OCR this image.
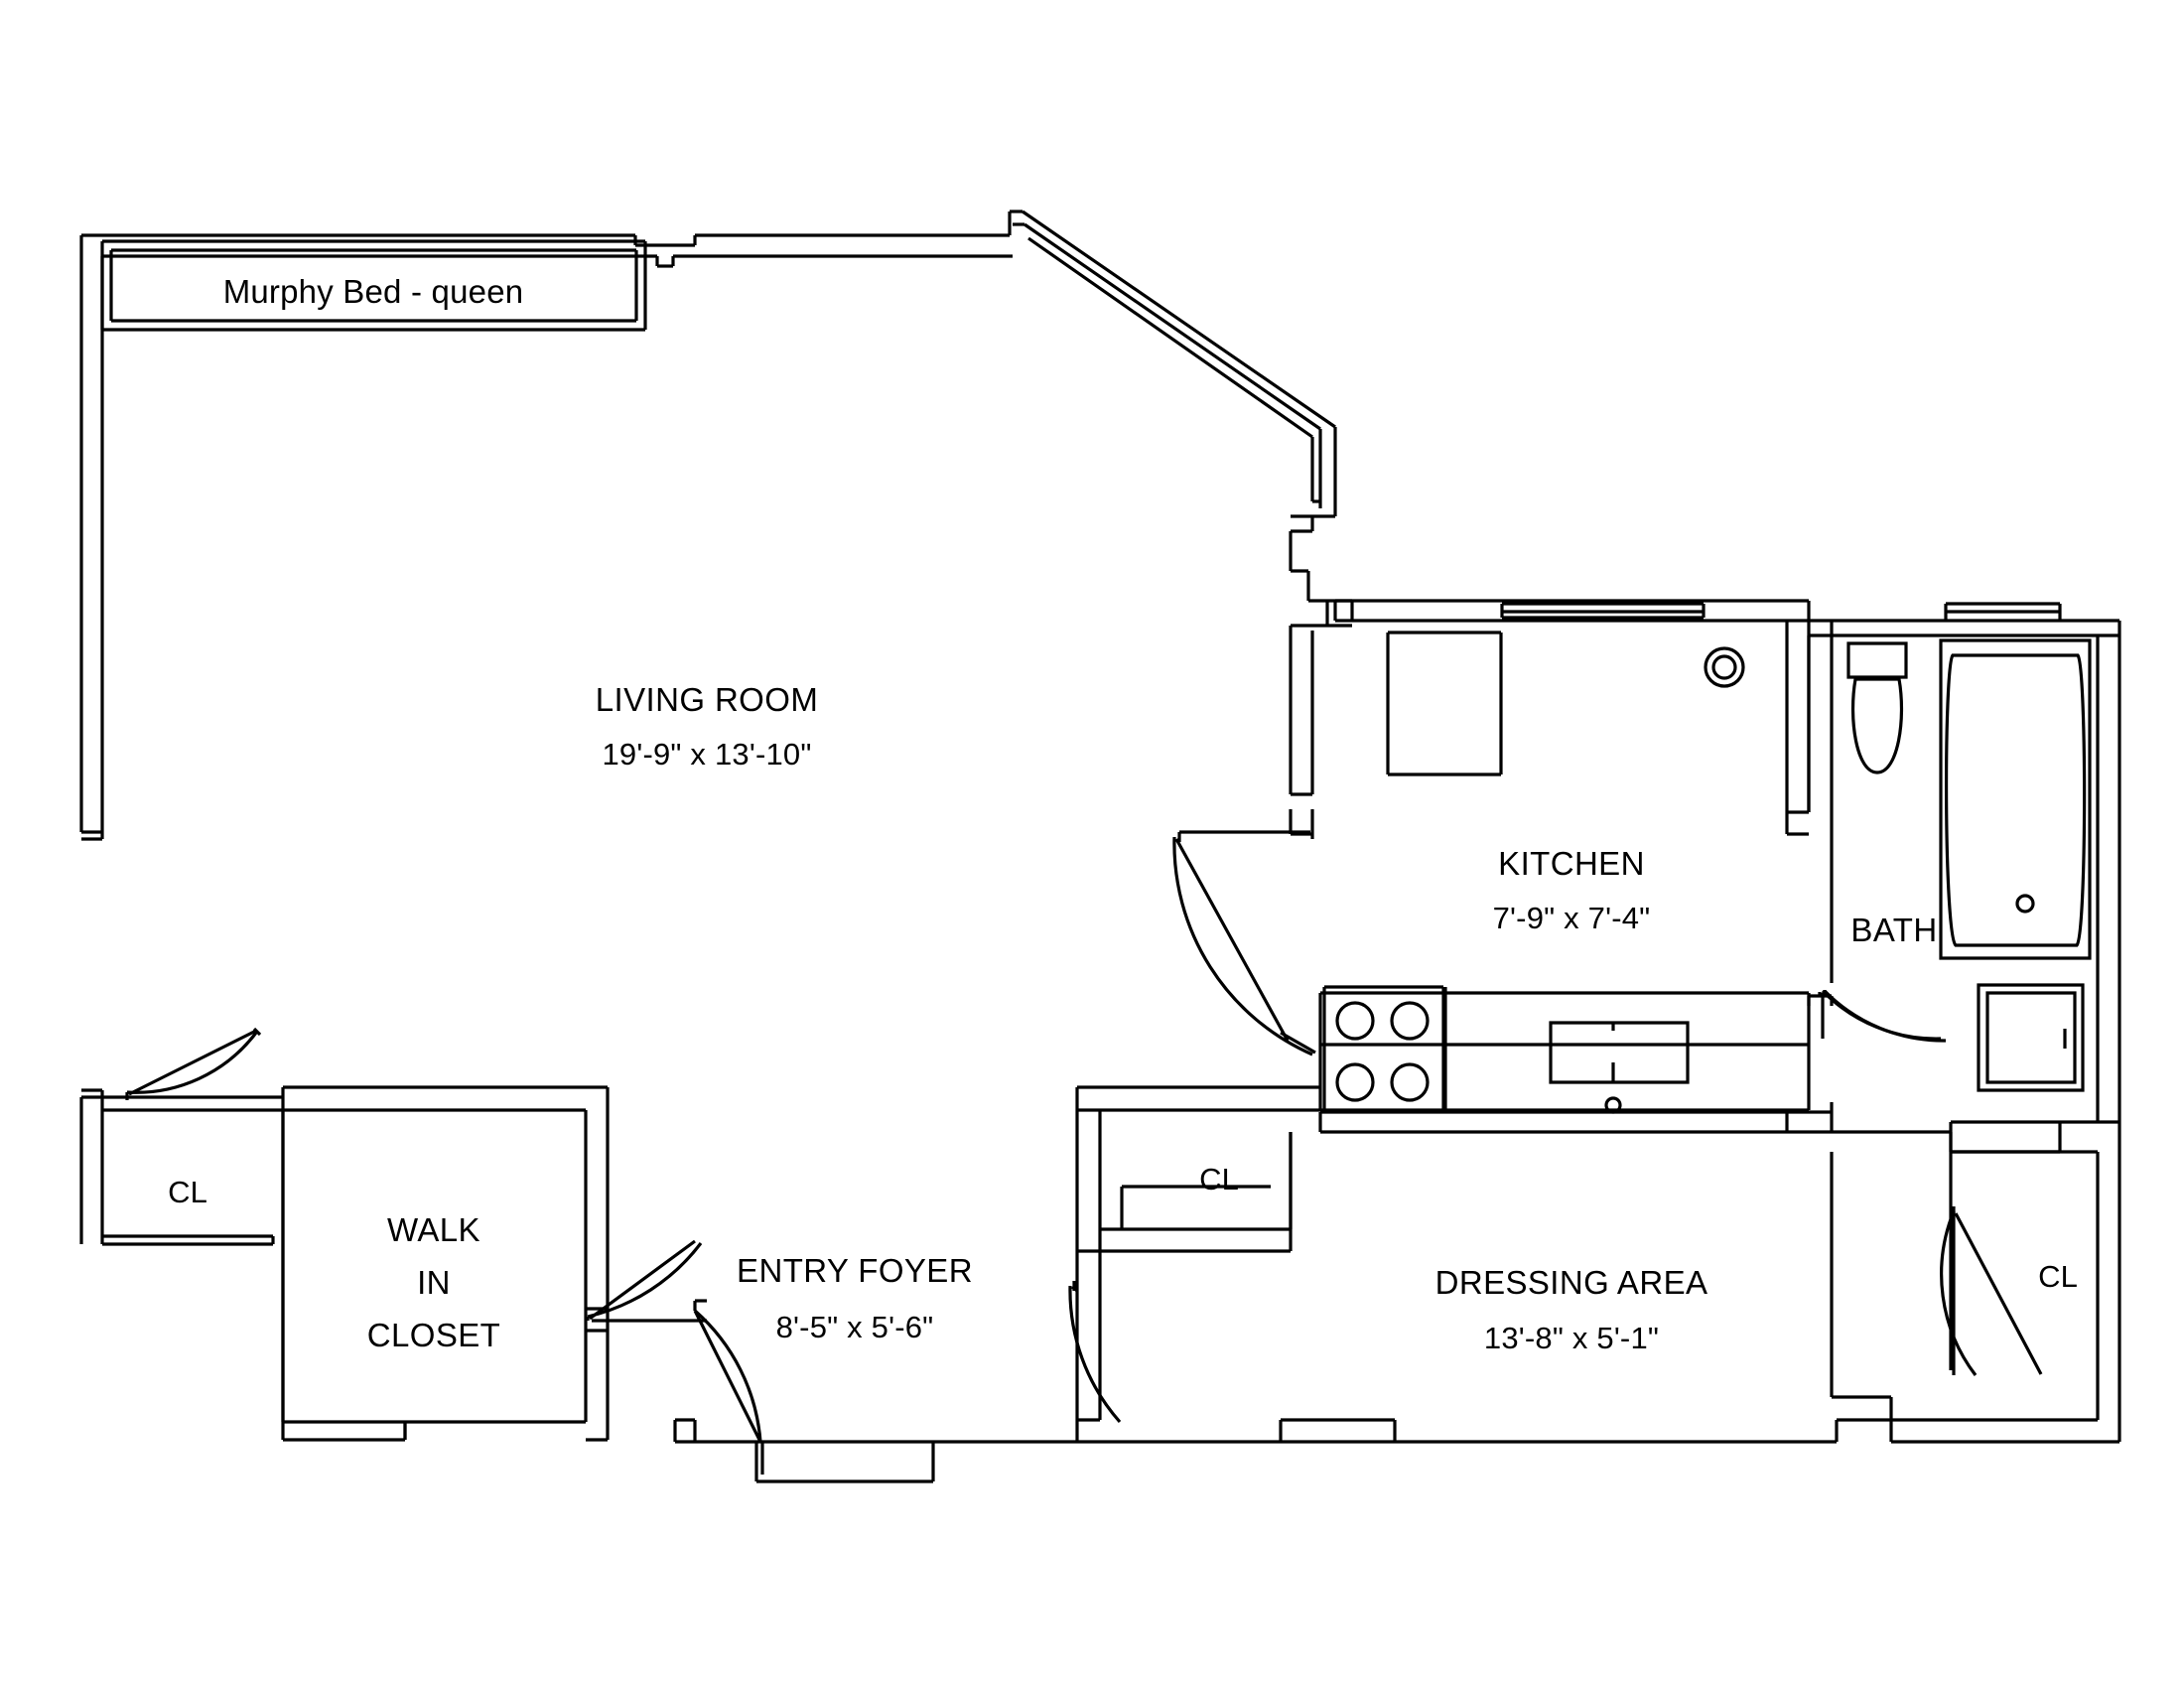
Murphy Bed - queen
LIVING ROOM
19'-9" x 13'-10"
KITCHEN
7'-9" x 7'-4"	BATH
ENTRY FOYER
8'-5" x 5'-6"
WALK
IN
CLOSET
DRESSING AREA
13'-8" x 5'-1"
CL	CL
CL
